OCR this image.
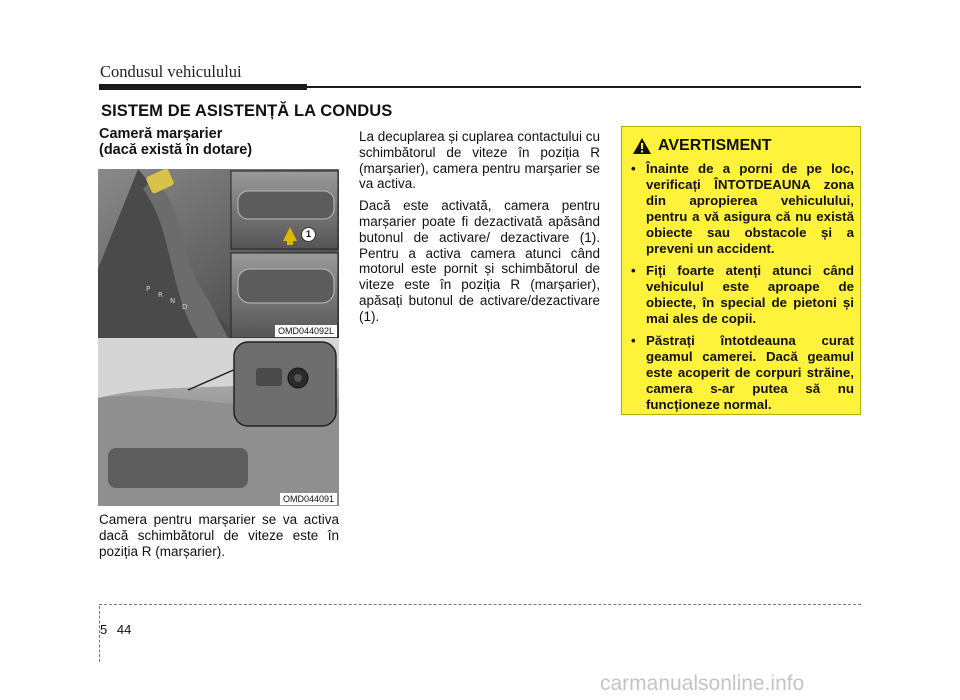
Condusul vehiculului
SISTEM DE ASISTENȚĂ LA CONDUS
Cameră marșarier
(dacă există în dotare)
P
R
N
D
1
OMD044092L
OMD044091
Camera pentru marșarier se va activa dacă schimbătorul de viteze este în poziția R (marșarier).

La decuplarea și cuplarea contactului cu schimbătorul de viteze în poziția R (marșarier), camera pentru marșarier se va activa.

Dacă este activată, camera pentru marșarier poate fi dezactivată apăsând butonul de activare/ dezactivare (1). Pentru a activa camera atunci când motorul este pornit și schimbătorul de viteze este în poziția R (marșarier), apăsați butonul de activare/dezactivare (1).

AVERTISMENT
• Înainte de a porni de pe loc, verificați ÎNTOTDEAUNA zona din apropierea vehiculului, pentru a vă asigura că nu există obiecte sau obstacole și a preveni un accident.
• Fiți foarte atenți atunci când vehiculul este aproape de obiecte, în special de pietoni și mai ales de copii.
• Păstrați întotdeauna curat geamul camerei. Dacă geamul este acoperit de corpuri străine, camera s-ar putea să nu funcționeze normal.
5 44
carmanualsonline.info
